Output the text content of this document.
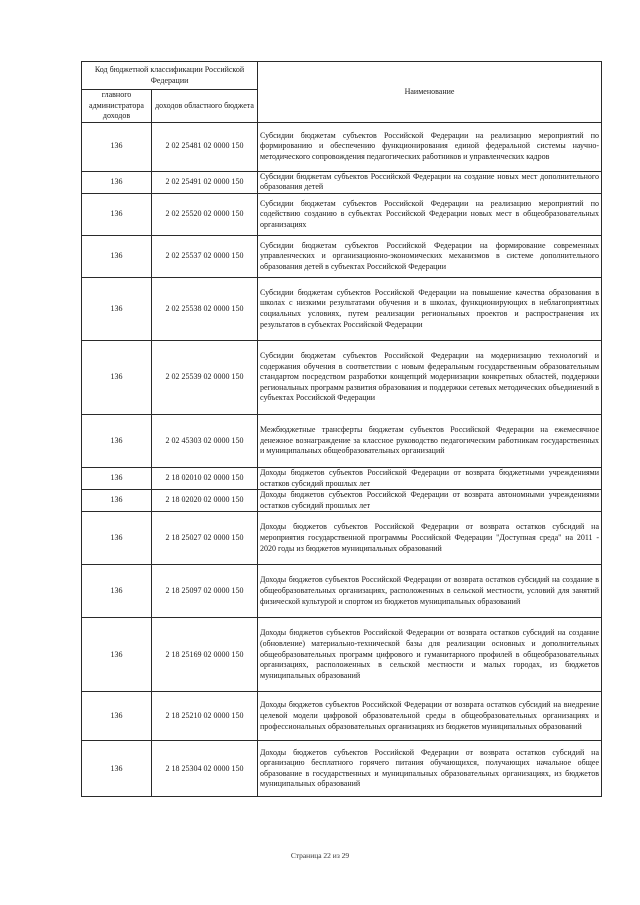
Код бюджетной классификации Российской Федерации		Наименование
главного администратора доходов	доходов областного бюджета	
136	2 02 25481 02 0000 150	Субсидии бюджетам субъектов Российской Федерации на реализацию мероприятий по формированию и обеспечению функционирования единой федеральной системы научно-методического сопровождения педагогических работников и управленческих кадров
136	2 02 25491 02 0000 150	Субсидии бюджетам субъектов Российской Федерации на создание новых мест дополнительного образования детей
136	2 02 25520 02 0000 150	Субсидии бюджетам субъектов Российской Федерации на реализацию мероприятий по содействию созданию в субъектах Российской Федерации новых мест в общеобразовательных организациях
136	2 02 25537 02 0000 150	Субсидии бюджетам субъектов Российской Федерации на формирование современных управленческих и организационно-экономических механизмов в системе дополнительного образования детей в субъектах Российской Федерации
136	2 02 25538 02 0000 150	Субсидии бюджетам субъектов Российской Федерации на повышение качества образования в школах с низкими результатами обучения и в школах, функционирующих в неблагоприятных социальных условиях, путем реализации региональных проектов и распространения их результатов в субъектах Российской Федерации
136	2 02 25539 02 0000 150	Субсидии бюджетам субъектов Российской Федерации на модернизацию технологий и содержания обучения в соответствии с новым федеральным государственным образовательным стандартом посредством разработки концепций модернизации конкретных областей, поддержки региональных программ развития образования и поддержки сетевых методических объединений в субъектах Российской Федерации
136	2 02 45303 02 0000 150	Межбюджетные трансферты бюджетам субъектов Российской Федерации на ежемесячное денежное вознаграждение за классное руководство педагогическим работникам государственных и муниципальных общеобразовательных организаций
136	2 18 02010 02 0000 150	Доходы бюджетов субъектов Российской Федерации от возврата бюджетными учреждениями остатков субсидий прошлых лет
136	2 18 02020 02 0000 150	Доходы бюджетов субъектов Российской Федерации от возврата автономными учреждениями остатков субсидий прошлых лет
136	2 18 25027 02 0000 150	Доходы бюджетов субъектов Российской Федерации от возврата остатков субсидий на мероприятия государственной программы Российской Федерации "Доступная среда" на 2011 - 2020 годы из бюджетов муниципальных образований
136	2 18 25097 02 0000 150	Доходы бюджетов субъектов Российской Федерации от возврата остатков субсидий на создание в общеобразовательных организациях, расположенных в сельской местности, условий для занятий физической культурой и спортом из бюджетов муниципальных образований
136	2 18 25169 02 0000 150	Доходы бюджетов субъектов Российской Федерации от возврата остатков субсидий на создание (обновление) материально-технической базы для реализации основных и дополнительных общеобразовательных программ цифрового и гуманитарного профилей в общеобразовательных организациях, расположенных в сельской местности и малых городах, из бюджетов муниципальных образований
136	2 18 25210 02 0000 150	Доходы бюджетов субъектов Российской Федерации от возврата остатков субсидий на внедрение целевой модели цифровой образовательной среды в общеобразовательных организациях и профессиональных образовательных организациях из бюджетов муниципальных образований
136	2 18 25304 02 0000 150	Доходы бюджетов субъектов Российской Федерации от возврата остатков субсидий на организацию бесплатного горячего питания обучающихся, получающих начальное общее образование в государственных и муниципальных образовательных организациях, из бюджетов муниципальных образований
Страница 22 из 29
